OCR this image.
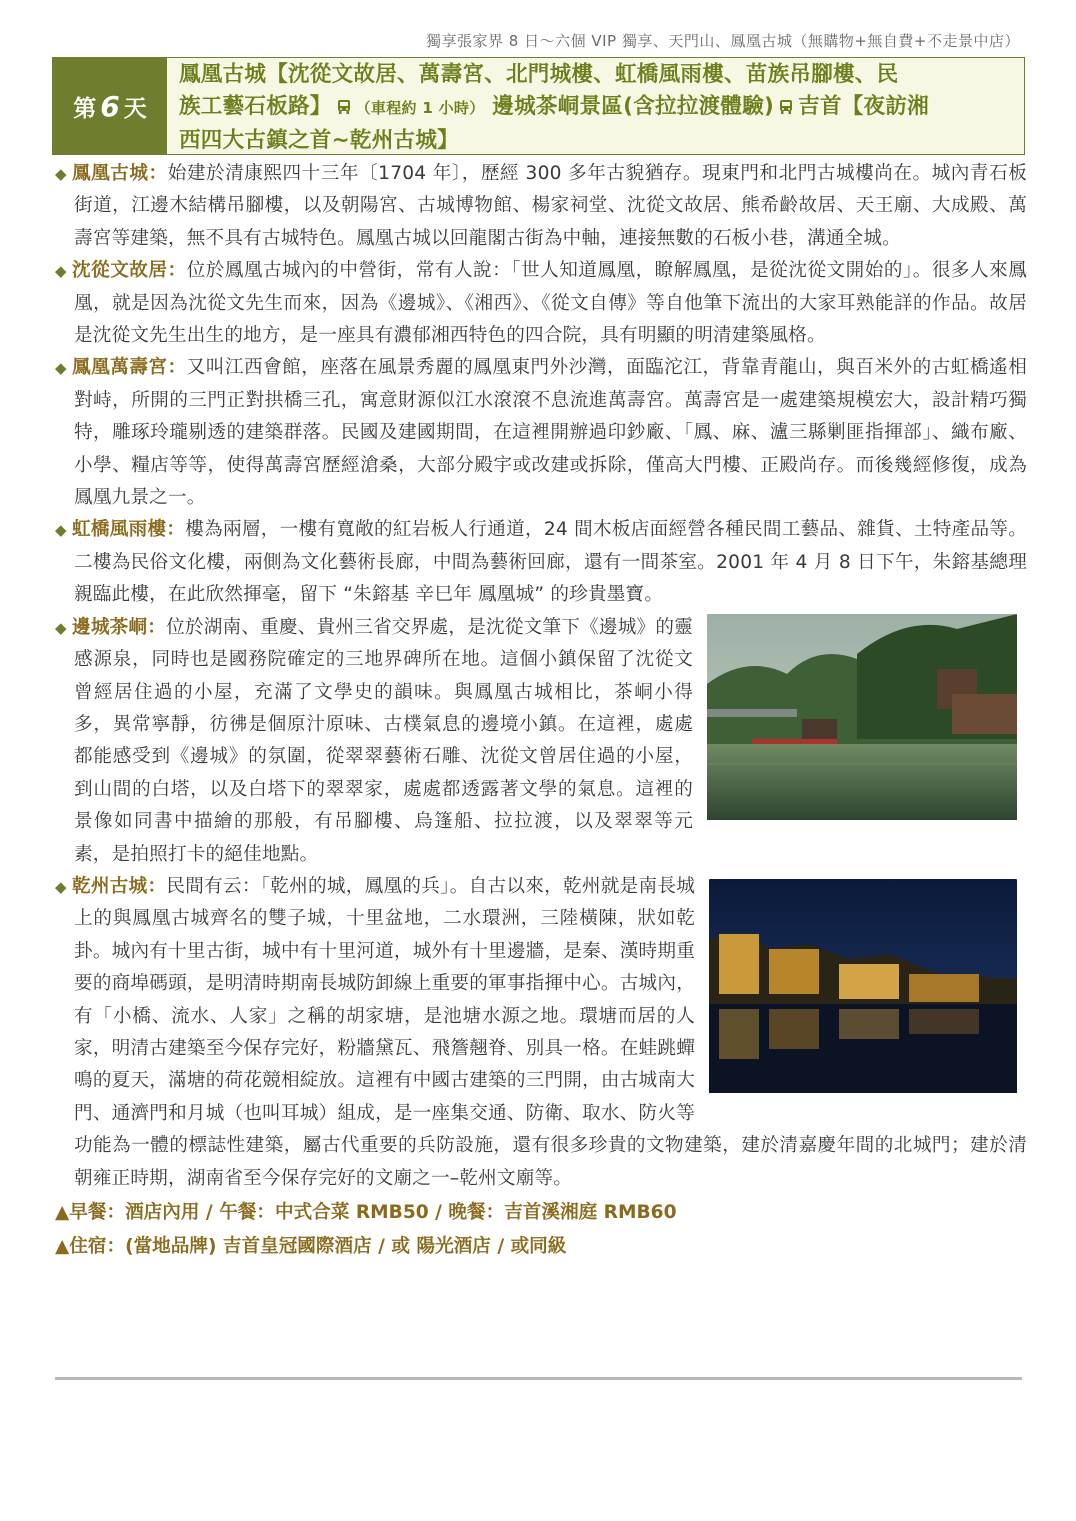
獨享張家界 8 日～六個 VIP 獨享、天門山、鳳凰古城（無購物+無自費+不走景中店）
第 6 天
鳳凰古城【沈從文故居、萬壽宮、北門城樓、虹橋風雨樓、苗族吊腳樓、民
族工藝石板路】 （車程約 1 小時） 邊城茶峒景區(含拉拉渡體驗) 吉首【夜訪湘
西四大古鎮之首~乾州古城】
◆ 鳳凰古城：始建於清康熙四十三年〔1704 年〕，歷經 300 多年古貌猶存。現東門和北門古城樓尚在。城內青石板街道，江邊木結構吊腳樓，以及朝陽宮、古城博物館、楊家祠堂、沈從文故居、熊希齡故居、天王廟、大成殿、萬壽宮等建築，無不具有古城特色。鳳凰古城以回龍閣古街為中軸，連接無數的石板小巷，溝通全城。
◆ 沈從文故居：位於鳳凰古城內的中營街，常有人說：「世人知道鳳凰，瞭解鳳凰，是從沈從文開始的」。很多人來鳳凰，就是因為沈從文先生而來，因為《邊城》、《湘西》、《從文自傳》等自他筆下流出的大家耳熟能詳的作品。故居是沈從文先生出生的地方，是一座具有濃郁湘西特色的四合院，具有明顯的明清建築風格。
◆ 鳳凰萬壽宮：又叫江西會館，座落在風景秀麗的鳳凰東門外沙灣，面臨沱江，背靠青龍山，與百米外的古虹橋遙相對峙，所開的三門正對拱橋三孔，寓意財源似江水滾滾不息流進萬壽宮。萬壽宮是一處建築規模宏大，設計精巧獨特，雕琢玲瓏剔透的建築群落。民國及建國期間，在這裡開辦過印鈔廠、「鳳、麻、瀘三縣剿匪指揮部」、織布廠、小學、糧店等等，使得萬壽宮歷經滄桑，大部分殿宇或改建或拆除，僅高大門樓、正殿尚存。而後幾經修復，成為鳳凰九景之一。
◆ 虹橋風雨樓：樓為兩層，一樓有寬敞的紅岩板人行通道，24 間木板店面經營各種民間工藝品、雜貨、土特產品等。二樓為民俗文化樓，兩側為文化藝術長廊，中間為藝術回廊，還有一間茶室。2001 年 4 月 8 日下午，朱鎔基總理親臨此樓，在此欣然揮毫，留下 “朱鎔基 辛巳年 鳳凰城” 的珍貴墨寶。
◆ 邊城茶峒：位於湖南、重慶、貴州三省交界處，是沈從文筆下《邊城》的靈感源泉，同時也是國務院確定的三地界碑所在地。這個小鎮保留了沈從文曾經居住過的小屋，充滿了文學史的韻味。與鳳凰古城相比，茶峒小得多，異常寧靜，彷彿是個原汁原味、古樸氣息的邊境小鎮。在這裡，處處都能感受到《邊城》的氛圍，從翠翠藝術石雕、沈從文曾居住過的小屋，到山間的白塔，以及白塔下的翠翠家，處處都透露著文學的氣息。這裡的景像如同書中描繪的那般，有吊腳樓、烏篷船、拉拉渡，以及翠翠等元素，是拍照打卡的絕佳地點。
◆ 乾州古城：民間有云：「乾州的城，鳳凰的兵」。自古以來，乾州就是南長城上的與鳳凰古城齊名的雙子城，十里盆地，二水環洲，三陸橫陳，狀如乾卦。城內有十里古街，城中有十里河道，城外有十里邊牆，是秦、漢時期重要的商埠碼頭，是明清時期南長城防卸線上重要的軍事指揮中心。古城內，有「小橋、流水、人家」之稱的胡家塘，是池塘水源之地。環塘而居的人家，明清古建築至今保存完好，粉牆黛瓦、飛簷翹脊、別具一格。在蛙跳蟬鳴的夏天，滿塘的荷花競相綻放。這裡有中國古建築的三門開，由古城南大門、通濟門和月城（也叫耳城）組成，是一座集交通、防衛、取水、防火等功能為一體的標誌性建築，屬古代重要的兵防設施，還有很多珍貴的文物建築，建於清嘉慶年間的北城門；建於清朝雍正時期，湖南省至今保存完好的文廟之一–乾州文廟等。
▲早餐：酒店內用 / 午餐：中式合菜 RMB50 / 晚餐：吉首溪湘庭 RMB60
▲住宿：(當地品牌) 吉首皇冠國際酒店 / 或 陽光酒店 / 或同級
